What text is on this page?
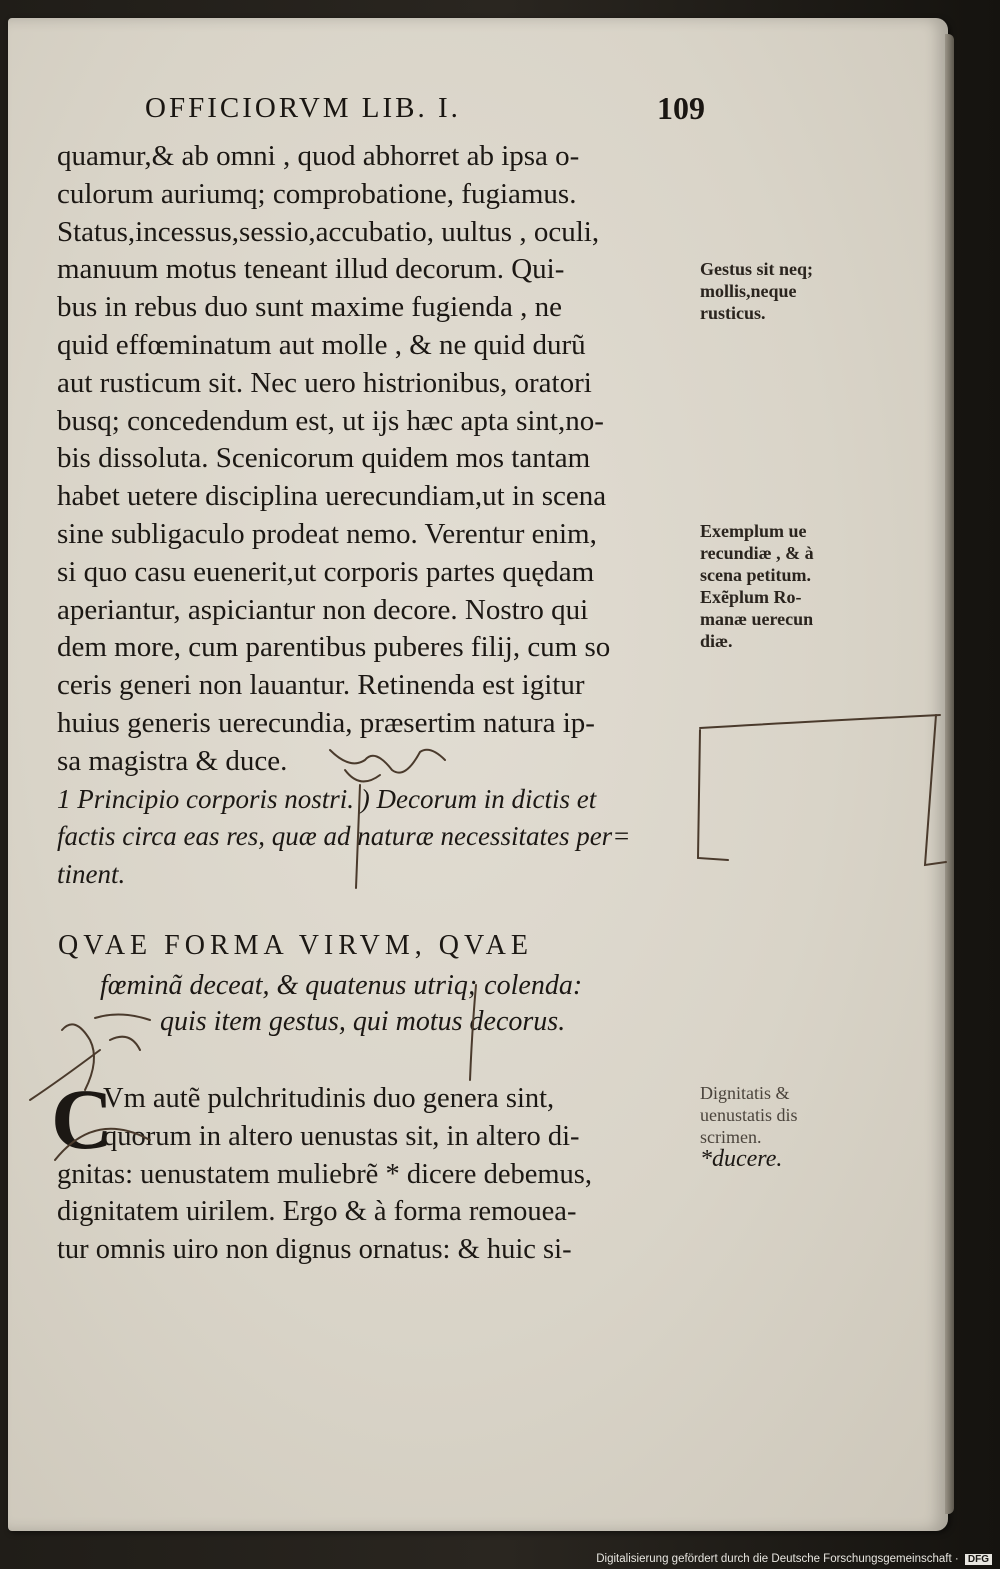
OFFICIORVM LIB. I.	109
quamur,& ab omni , quod abhorret ab ipsa o-
culorum auriumq; comprobatione, fugiamus.
Status,incessus,sessio,accubatio, uultus , oculi,
manuum motus teneant illud decorum. Qui-
bus in rebus duo sunt maxime fugienda , ne
quid effœminatum aut molle , & ne quid durũ
aut rusticum sit. Nec uero histrionibus, oratori
busq; concedendum est, ut ijs hæc apta sint,no-
bis dissoluta. Scenicorum quidem mos tantam
habet uetere disciplina uerecundiam,ut in scena
sine subligaculo prodeat nemo. Verentur enim,
si quo casu euenerit,ut corporis partes quędam
aperiantur, aspiciantur non decore. Nostro qui
dem more, cum parentibus puberes filij, cum so
ceris generi non lauantur. Retinenda est igitur
huius generis uerecundia, præsertim natura ip-
sa magistra & duce.
1 Principio corporis nostri. ) Decorum in dictis et
factis circa eas res, quæ ad naturæ necessitates per=
tinent.
Gestus sit neq;
mollis,neque
rusticus.
Exemplum ue
recundiæ , & à
scena petitum.
Exẽplum Ro-
manæ uerecun
diæ.
Dignitatis &
uenustatis dis
scrimen.
*ducere.
QVAE FORMA VIRVM, QVAE
fœminã deceat, & quatenus utriq; colenda:
quis item gestus, qui motus decorus.
C
Vm autẽ pulchritudinis duo genera sint,
quorum in altero uenustas sit, in altero di-
gnitas: uenustatem muliebrẽ * dicere debemus,
dignitatem uirilem. Ergo & à forma remouea-
tur omnis uiro non dignus ornatus: & huic si-
Digitalisierung gefördert durch die Deutsche Forschungsgemeinschaft · DFG
